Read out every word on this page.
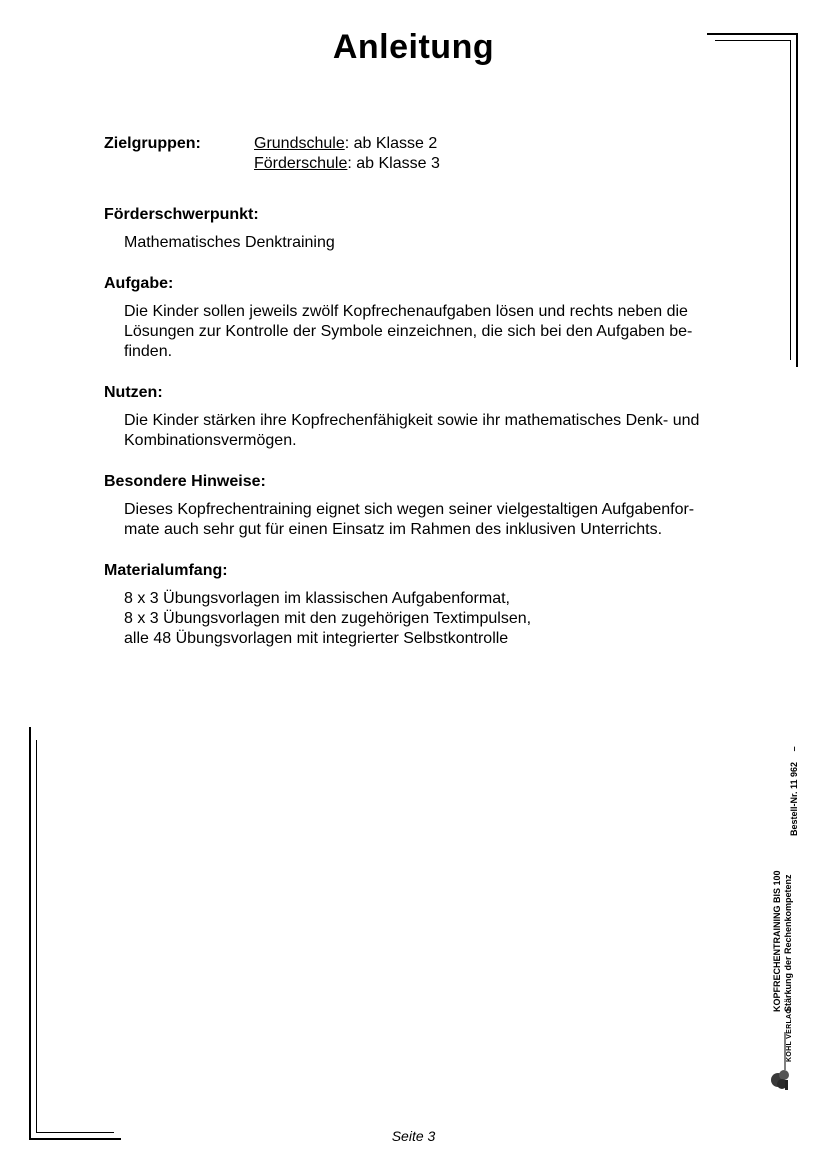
Anleitung
Zielgruppen:	Grundschule: ab Klasse 2
Förderschule: ab Klasse 3
Förderschwerpunkt:
Mathematisches Denktraining
Aufgabe:
Die Kinder sollen jeweils zwölf Kopfrechenaufgaben lösen und rechts neben die
Lösungen zur Kontrolle der Symbole einzeichnen, die sich bei den Aufgaben be-
finden.
Nutzen:
Die Kinder stärken ihre Kopfrechenfähigkeit sowie ihr mathematisches Denk- und
Kombinationsvermögen.
Besondere Hinweise:
Dieses Kopfrechentraining eignet sich wegen seiner vielgestaltigen Aufgabenfor-
mate auch sehr gut für einen Einsatz im Rahmen des inklusiven Unterrichts.
Materialumfang:
8 x 3 Übungsvorlagen im klassischen Aufgabenformat,
8 x 3 Übungsvorlagen mit den zugehörigen Textimpulsen,
alle 48 Übungsvorlagen mit integrierter Selbstkontrolle
KOPFRECHENTRAINING BIS 100 Stärkung der Rechenkompetenz
Bestell-Nr. 11 962 –
KOHL VERLAG
Seite 3
